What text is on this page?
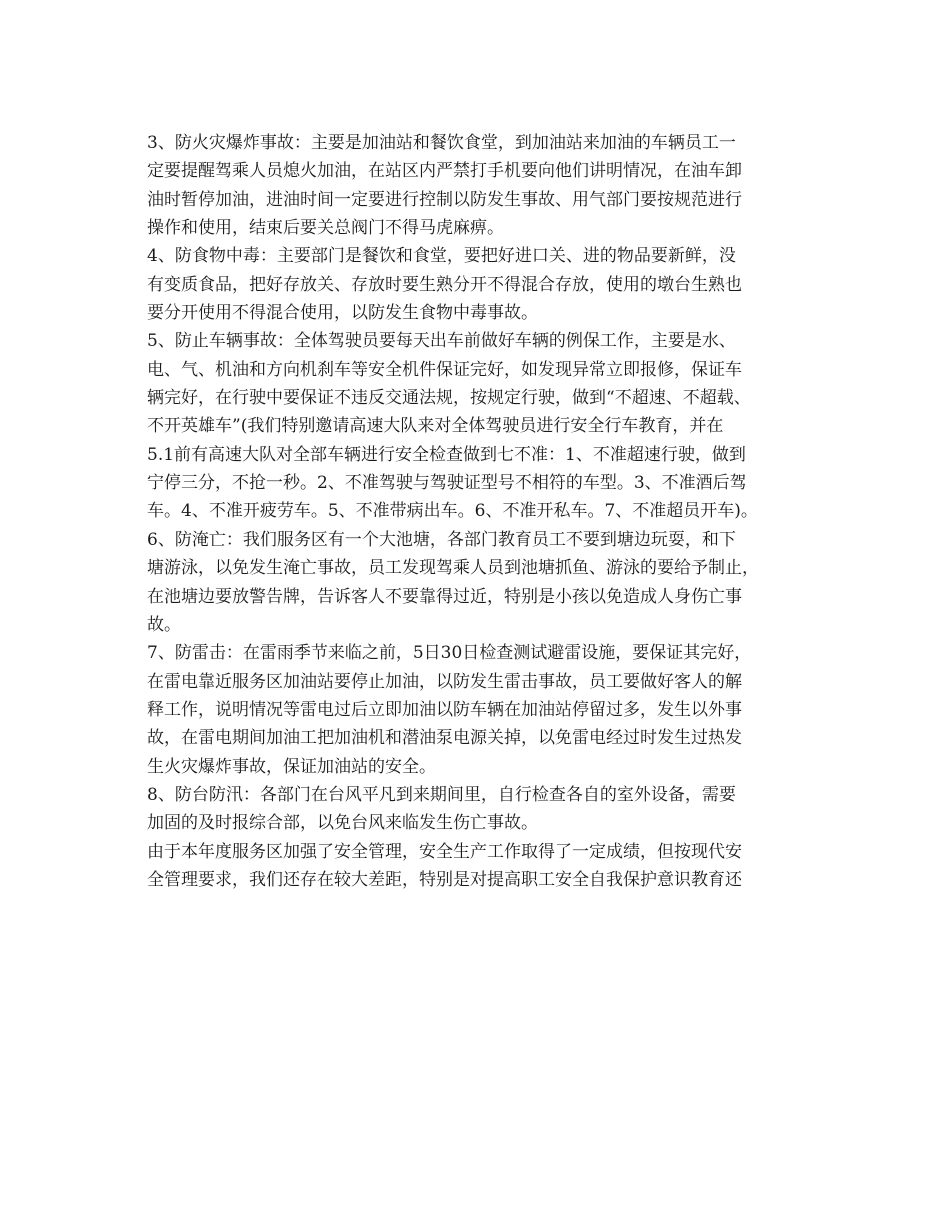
3、防火灾爆炸事故：主要是加油站和餐饮食堂，到加油站来加油的车辆员工一
定要提醒驾乘人员熄火加油，在站区内严禁打手机要向他们讲明情况，在油车卸
油时暂停加油，进油时间一定要进行控制以防发生事故、用气部门要按规范进行
操作和使用，结束后要关总阀门不得马虎麻痹。
4、防食物中毒：主要部门是餐饮和食堂，要把好进口关、进的物品要新鲜，没
有变质食品，把好存放关、存放时要生熟分开不得混合存放，使用的墩台生熟也
要分开使用不得混合使用，以防发生食物中毒事故。
5、防止车辆事故：全体驾驶员要每天出车前做好车辆的例保工作，主要是水、
电、气、机油和方向机刹车等安全机件保证完好，如发现异常立即报修，保证车
辆完好，在行驶中要保证不违反交通法规，按规定行驶，做到“不超速、不超载、
不开英雄车”(我们特别邀请高速大队来对全体驾驶员进行安全行车教育，并在
5.1前有高速大队对全部车辆进行安全检查做到七不准：1、不准超速行驶，做到
宁停三分，不抢一秒。2、不准驾驶与驾驶证型号不相符的车型。3、不准酒后驾
车。4、不准开疲劳车。5、不准带病出车。6、不准开私车。7、不准超员开车)。
6、防淹亡：我们服务区有一个大池塘，各部门教育员工不要到塘边玩耍，和下
塘游泳，以免发生淹亡事故，员工发现驾乘人员到池塘抓鱼、游泳的要给予制止，
在池塘边要放警告牌，告诉客人不要靠得过近，特别是小孩以免造成人身伤亡事
故。
7、防雷击：在雷雨季节来临之前，5日30日检查测试避雷设施，要保证其完好，
在雷电靠近服务区加油站要停止加油，以防发生雷击事故，员工要做好客人的解
释工作，说明情况等雷电过后立即加油以防车辆在加油站停留过多，发生以外事
故，在雷电期间加油工把加油机和潜油泵电源关掉，以免雷电经过时发生过热发
生火灾爆炸事故，保证加油站的安全。
8、防台防汛：各部门在台风平凡到来期间里，自行检查各自的室外设备，需要
加固的及时报综合部，以免台风来临发生伤亡事故。
由于本年度服务区加强了安全管理，安全生产工作取得了一定成绩，但按现代安
全管理要求，我们还存在较大差距，特别是对提高职工安全自我保护意识教育还
